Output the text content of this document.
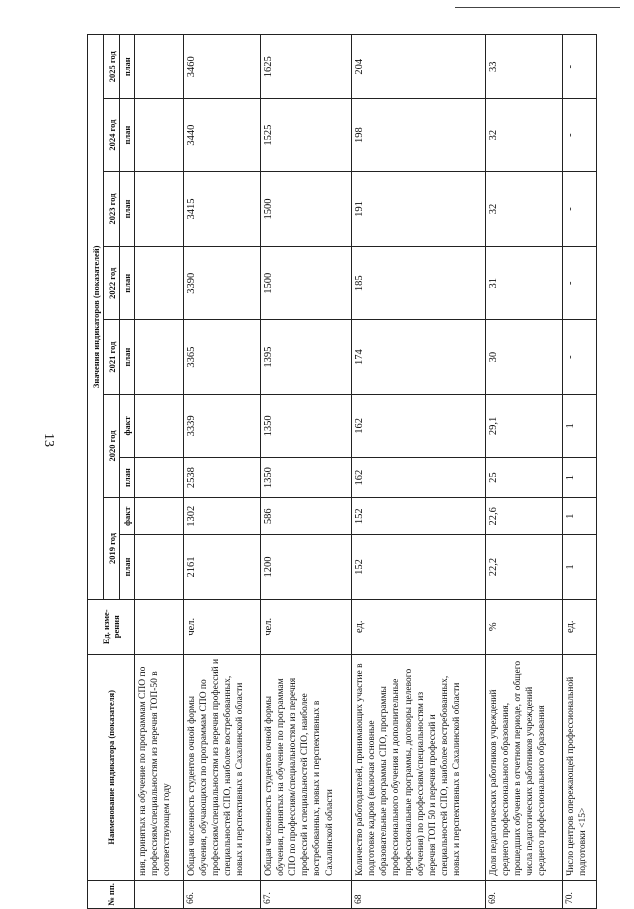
13
№ пп.	Наименование индикатора (показателя)	Ед. изме-рения	Значения индикаторов (показателей)								
			2019 год		2020 год		2021 год	2022 год	2023 год	2024 год	2025 год
			план	факт	план	факт	план	план	план	план	план
	ния, принятых на обучение по программам СПО по профессиям/специальностям из перечня ТОП-50 в соответствующем году										
66.	Общая численность студентов очной формы обучения, обучающихся по программам СПО по профессиям/специальностям из перечня профессий и специальностей СПО, наиболее востребованных, новых и перспективных в Сахалинской области	чел.	2161	1302	2538	3339	3365	3390	3415	3440	3460
67.	Общая численность студентов очной формы обучения, принятых на обучение по программам СПО по профессиям/специальностям из перечня профессий и специальностей СПО, наиболее востребованных, новых и перспективных в Сахалинской области	чел.	1200	586	1350	1350	1395	1500	1500	1525	1625
68	Количество работодателей, принимающих участие в подготовке кадров (включая основные образовательные программы СПО, программы профессионального обучения и дополнительные профессиональные программы, договоры целевого обучения) по профессиям/специальностям из перечня ТОП 50 и перечня профессий и специальностей СПО, наиболее востребованных, новых и перспективных в Сахалинской области	ед.	152	152	162	162	174	185	191	198	204
69.	Доля педагогических работников учреждений среднего профессионального образования, прошедших обучение в отчетном периоде, от общего числа педагогических работников учреждений среднего профессионального образования	%	22,2	22,6	25	29,1	30	31	32	32	33
70.	Число центров опережающей профессиональной подготовки <15>	ед.	1	1	1	1	-	-	-	-	-
